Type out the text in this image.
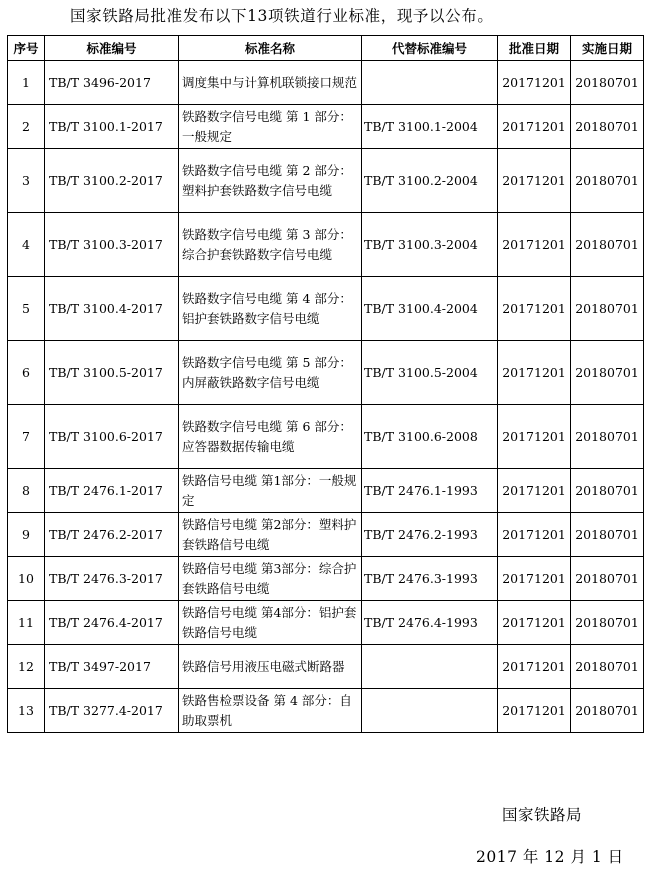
国家铁路局批准发布以下13项铁道行业标准，现予以公布。
序号	标准编号	标准名称	代替标准编号	批准日期	实施日期
1	TB/T 3496-2017	调度集中与计算机联锁接口规范		20171201	20180701
2	TB/T 3100.1-2017	铁路数字信号电缆 第 1 部分：一般规定	TB/T 3100.1-2004	20171201	20180701
3	TB/T 3100.2-2017	铁路数字信号电缆 第 2 部分：塑料护套铁路数字信号电缆	TB/T 3100.2-2004	20171201	20180701
4	TB/T 3100.3-2017	铁路数字信号电缆 第 3 部分：综合护套铁路数字信号电缆	TB/T 3100.3-2004	20171201	20180701
5	TB/T 3100.4-2017	铁路数字信号电缆 第 4 部分：铝护套铁路数字信号电缆	TB/T 3100.4-2004	20171201	20180701
6	TB/T 3100.5-2017	铁路数字信号电缆 第 5 部分：内屏蔽铁路数字信号电缆	TB/T 3100.5-2004	20171201	20180701
7	TB/T 3100.6-2017	铁路数字信号电缆 第 6 部分：应答器数据传输电缆	TB/T 3100.6-2008	20171201	20180701
8	TB/T 2476.1-2017	铁路信号电缆 第1部分：一般规定	TB/T 2476.1-1993	20171201	20180701
9	TB/T 2476.2-2017	铁路信号电缆 第2部分：塑料护套铁路信号电缆	TB/T 2476.2-1993	20171201	20180701
10	TB/T 2476.3-2017	铁路信号电缆 第3部分：综合护套铁路信号电缆	TB/T 2476.3-1993	20171201	20180701
11	TB/T 2476.4-2017	铁路信号电缆 第4部分：铝护套铁路信号电缆	TB/T 2476.4-1993	20171201	20180701
12	TB/T 3497-2017	铁路信号用液压电磁式断路器		20171201	20180701
13	TB/T 3277.4-2017	铁路售检票设备 第 4 部分：自助取票机		20171201	20180701
国家铁路局
2017 年 12 月 1 日
